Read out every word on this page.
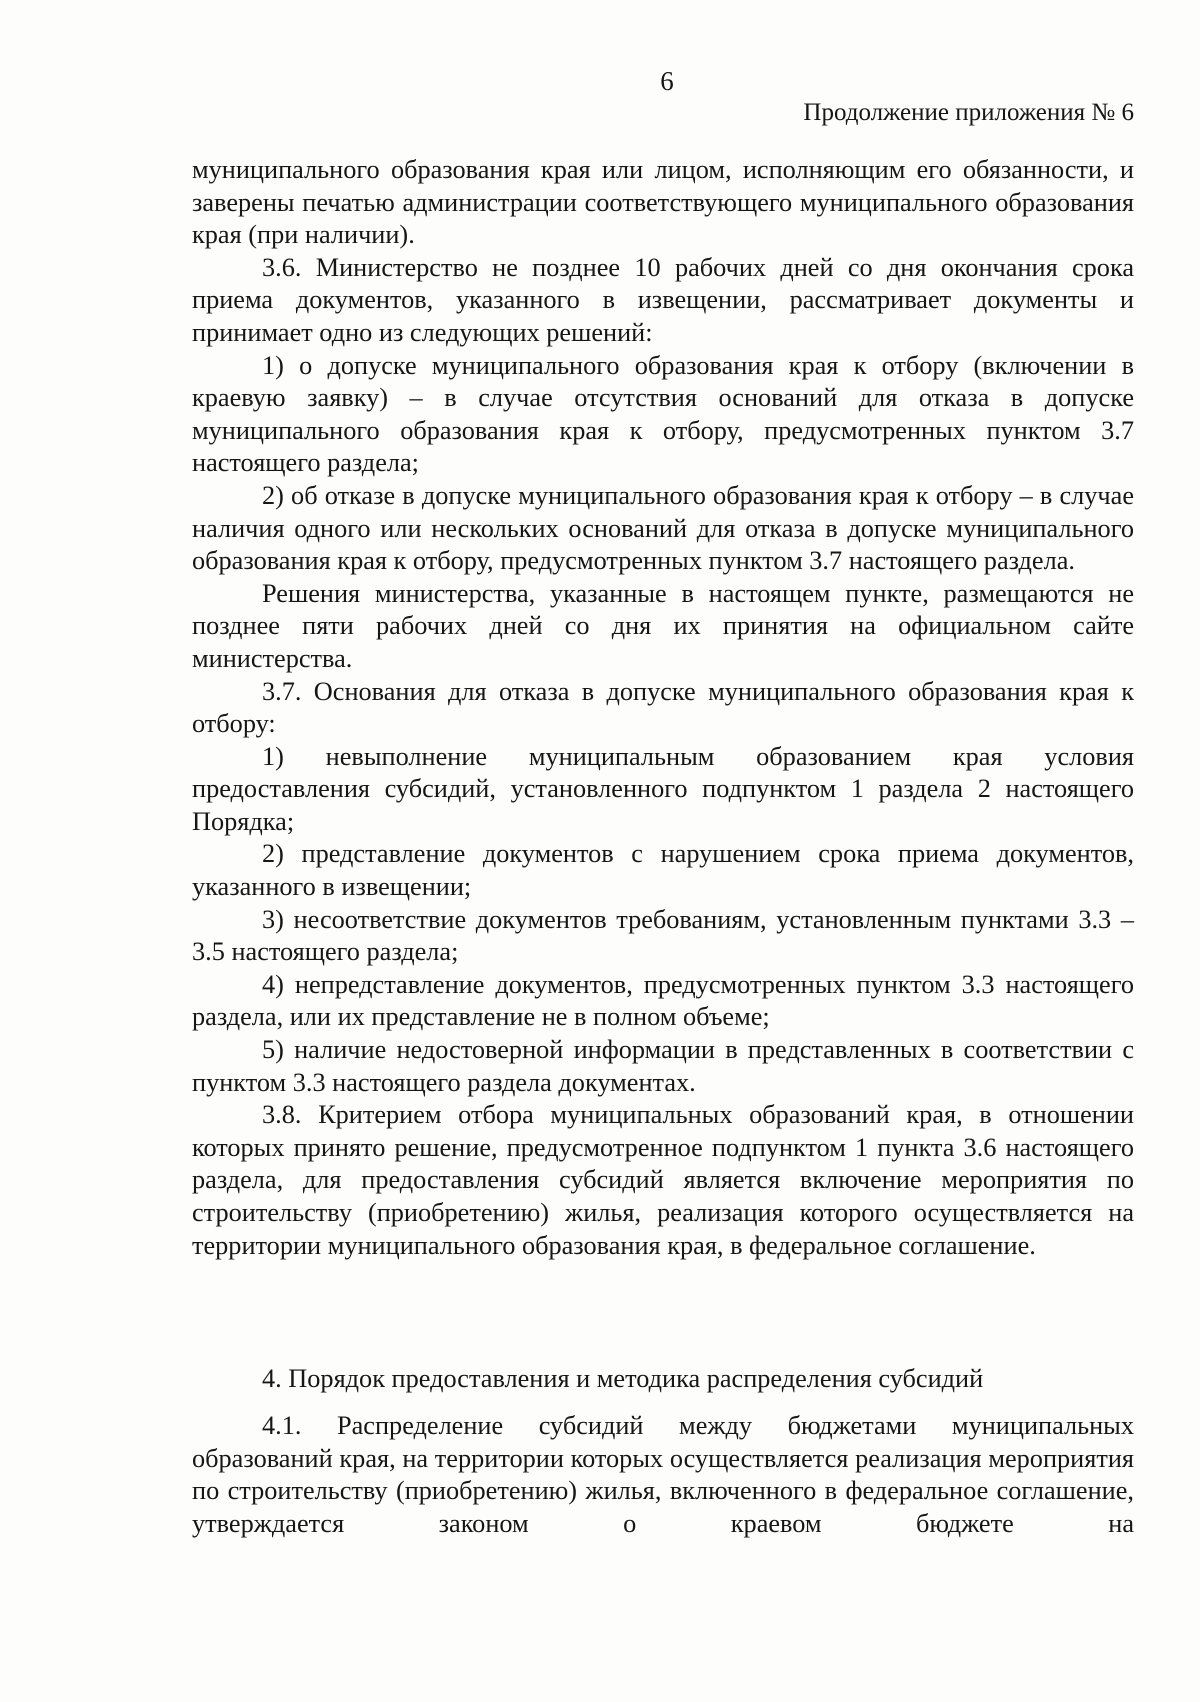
6
Продолжение приложения № 6

муниципального образования края или лицом, исполняющим его обязанности, и заверены печатью администрации соответствующего муниципального образования края (при наличии).

3.6. Министерство не позднее 10 рабочих дней со дня окончания срока приема документов, указанного в извещении, рассматривает документы и принимает одно из следующих решений:

1) о допуске муниципального образования края к отбору (включении в краевую заявку) – в случае отсутствия оснований для отказа в допуске муниципального образования края к отбору, предусмотренных пунктом 3.7 настоящего раздела;

2) об отказе в допуске муниципального образования края к отбору – в случае наличия одного или нескольких оснований для отказа в допуске муниципального образования края к отбору, предусмотренных пунктом 3.7 настоящего раздела.

Решения министерства, указанные в настоящем пункте, размещаются не позднее пяти рабочих дней со дня их принятия на официальном сайте министерства.

3.7. Основания для отказа в допуске муниципального образования края к отбору:

1) невыполнение муниципальным образованием края условия предоставления субсидий, установленного подпунктом 1 раздела 2 настоящего Порядка;

2) представление документов с нарушением срока приема документов, указанного в извещении;

3) несоответствие документов требованиям, установленным пунктами 3.3 – 3.5 настоящего раздела;

4) непредставление документов, предусмотренных пунктом 3.3 настоящего раздела, или их представление не в полном объеме;

5) наличие недостоверной информации в представленных в соответствии с пунктом 3.3 настоящего раздела документах.

3.8. Критерием отбора муниципальных образований края, в отношении которых принято решение, предусмотренное подпунктом 1 пункта 3.6 настоящего раздела, для предоставления субсидий является включение мероприятия по строительству (приобретению) жилья, реализация которого осуществляется на территории муниципального образования края, в федеральное соглашение.

4. Порядок предоставления и методика распределения субсидий

4.1. Распределение субсидий между бюджетами муниципальных образований края, на территории которых осуществляется реализация мероприятия по строительству (приобретению) жилья, включенного в федеральное соглашение, утверждается законом о краевом бюджете на
